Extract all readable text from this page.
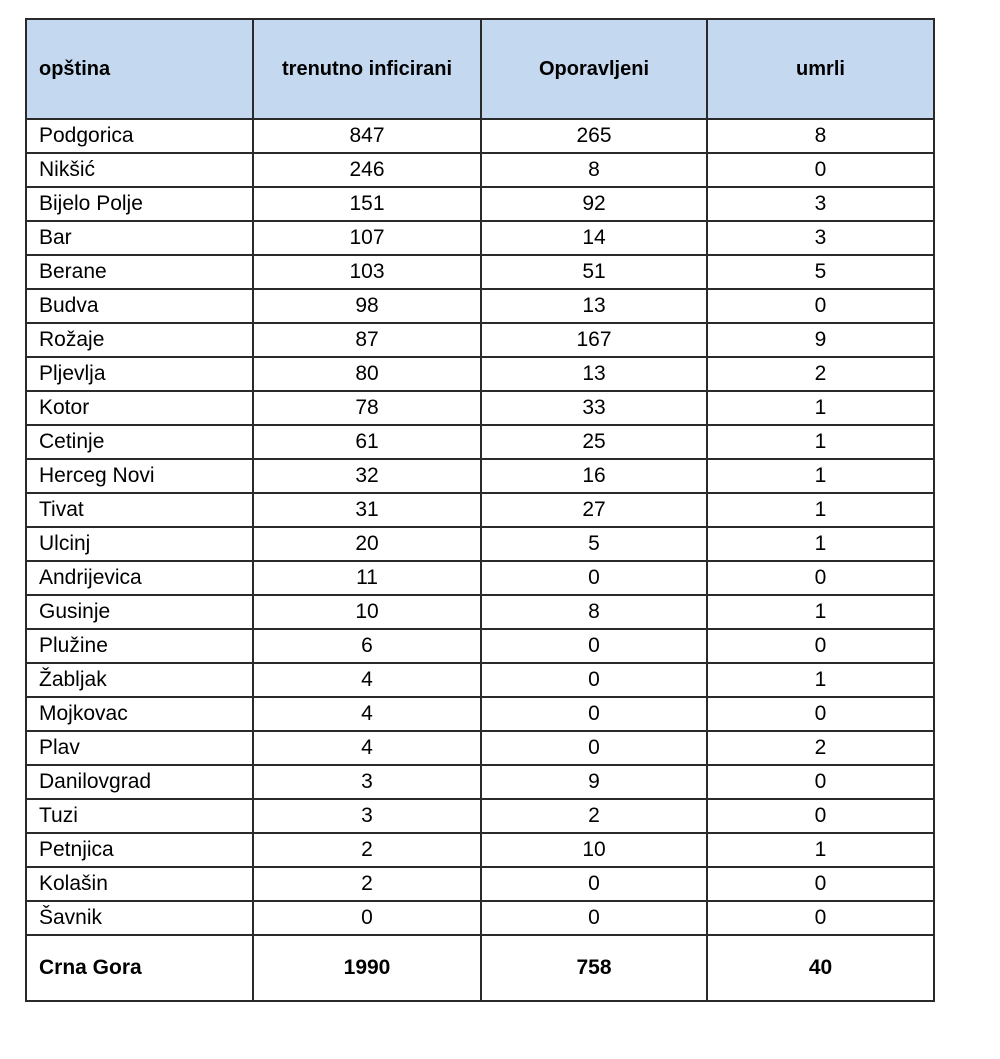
opština	trenutno inficirani	Oporavljeni	umrli
Podgorica	847	265	8
Nikšić	246	8	0
Bijelo Polje	151	92	3
Bar	107	14	3
Berane	103	51	5
Budva	98	13	0
Rožaje	87	167	9
Pljevlja	80	13	2
Kotor	78	33	1
Cetinje	61	25	1
Herceg Novi	32	16	1
Tivat	31	27	1
Ulcinj	20	5	1
Andrijevica	11	0	0
Gusinje	10	8	1
Plužine	6	0	0
Žabljak	4	0	1
Mojkovac	4	0	0
Plav	4	0	2
Danilovgrad	3	9	0
Tuzi	3	2	0
Petnjica	2	10	1
Kolašin	2	0	0
Šavnik	0	0	0
Crna Gora	1990	758	40
